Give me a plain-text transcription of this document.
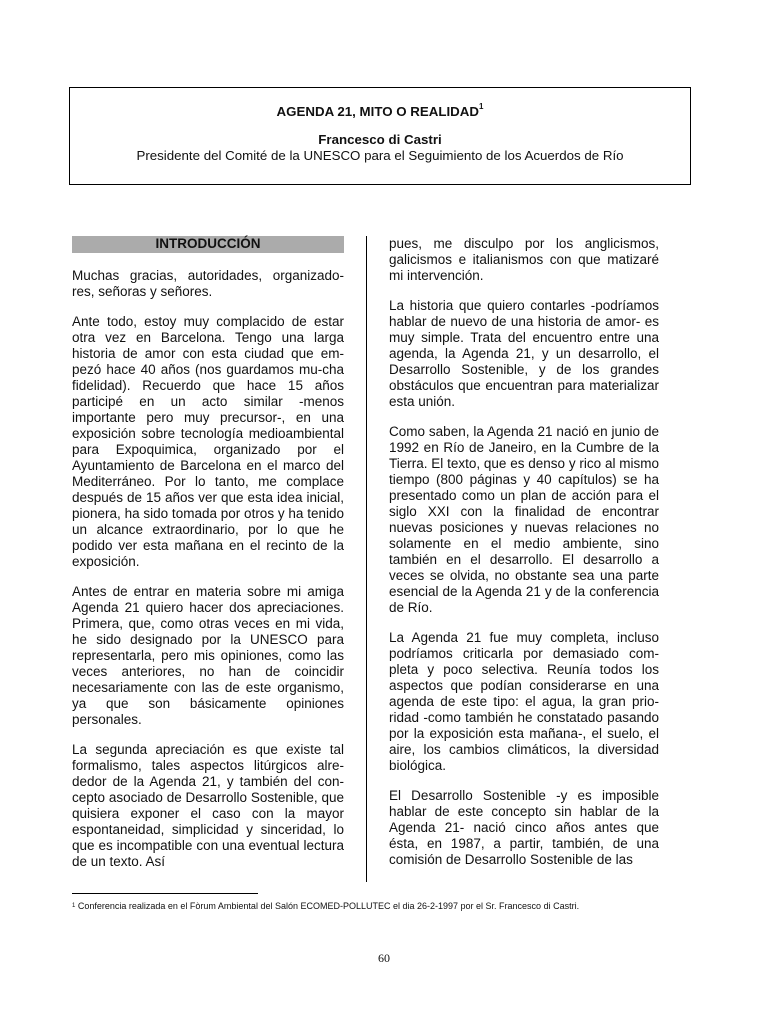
AGENDA 21, MITO O REALIDAD$^1$
Francesco di Castri
Presidente del Comité de la UNESCO para el Seguimiento de los Acuerdos de Río
INTRODUCCIÓN

Muchas gracias, autoridades, organizado-res, señoras y señores.

Ante todo, estoy muy complacido de estar otra vez en Barcelona. Tengo una larga historia de amor con esta ciudad que em-pezó hace 40 años (nos guardamos mu-cha fidelidad). Recuerdo que hace 15 años participé en un acto similar -menos importante pero muy precursor-, en una exposición sobre tecnología medioambiental para Expoquimica, organizado por el Ayuntamiento de Barcelona en el marco del Mediterráneo. Por lo tanto, me complace después de 15 años ver que esta idea inicial, pionera, ha sido tomada por otros y ha tenido un alcance extraordinario, por lo que he podido ver esta mañana en el recinto de la exposición.

Antes de entrar en materia sobre mi amiga Agenda 21 quiero hacer dos apreciaciones. Primera, que, como otras veces en mi vida, he sido designado por la UNESCO para representarla, pero mis opiniones, como las veces anteriores, no han de coincidir necesariamente con las de este organismo, ya que son básicamente opiniones personales.

La segunda apreciación es que existe tal formalismo, tales aspectos litúrgicos alre-dedor de la Agenda 21, y también del con-cepto asociado de Desarrollo Sostenible, que quisiera exponer el caso con la mayor espontaneidad, simplicidad y sinceridad, lo que es incompatible con una eventual lectura de un texto. Así

pues, me disculpo por los anglicismos, galicismos e italianismos con que matizaré mi intervención.

La historia que quiero contarles -podríamos hablar de nuevo de una historia de amor- es muy simple. Trata del encuentro entre una agenda, la Agenda 21, y un desarrollo, el Desarrollo Sostenible, y de los grandes obstáculos que encuentran para materializar esta unión.

Como saben, la Agenda 21 nació en junio de 1992 en Río de Janeiro, en la Cumbre de la Tierra. El texto, que es denso y rico al mismo tiempo (800 páginas y 40 capítulos) se ha presentado como un plan de acción para el siglo XXI con la finalidad de encontrar nuevas posiciones y nuevas relaciones no solamente en el medio ambiente, sino también en el desarrollo. El desarrollo a veces se olvida, no obstante sea una parte esencial de la Agenda 21 y de la conferencia de Río.

La Agenda 21 fue muy completa, incluso podríamos criticarla por demasiado com-pleta y poco selectiva. Reunía todos los aspectos que podían considerarse en una agenda de este tipo: el agua, la gran prio-ridad -como también he constatado pasando por la exposición esta mañana-, el suelo, el aire, los cambios climáticos, la diversidad biológica.

El Desarrollo Sostenible -y es imposible hablar de este concepto sin hablar de la Agenda 21- nació cinco años antes que ésta, en 1987, a partir, también, de una comisión de Desarrollo Sostenible de las

$^1$ Conferencia realizada en el Fòrum Ambiental del Salón ECOMED-POLLUTEC el dia 26-2-1997 por el Sr. Francesco di Castri.
60
